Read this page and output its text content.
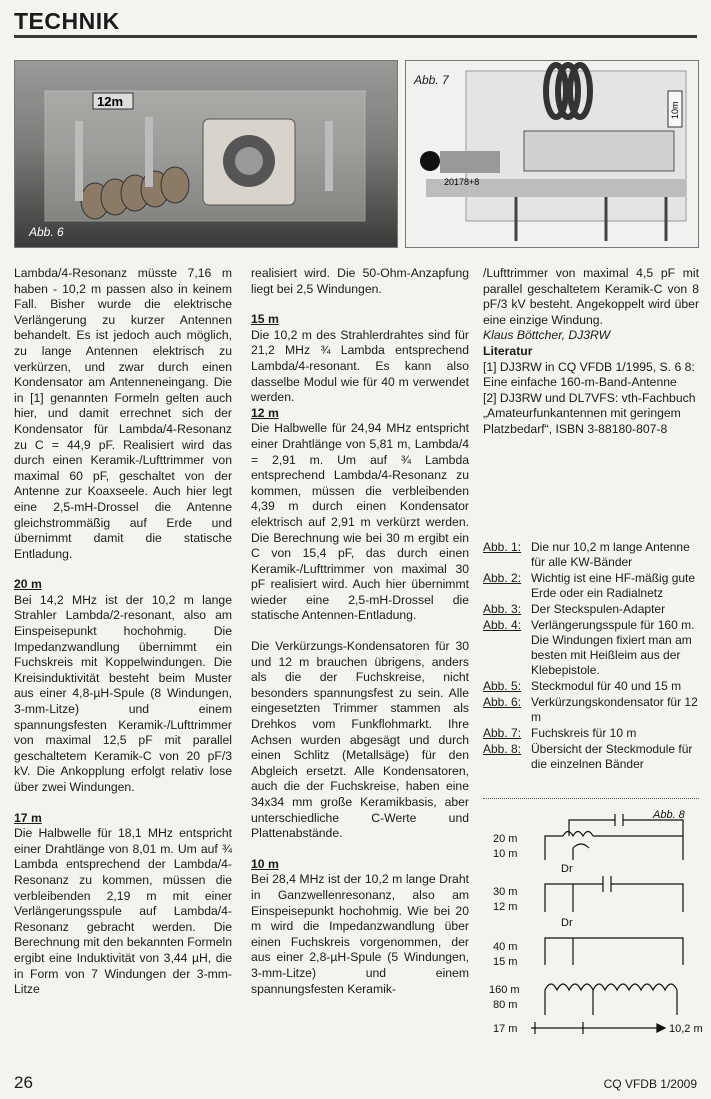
TECHNIK
12m
Abb. 6
20178+8
10m
Abb. 7

Lambda/4-Resonanz müsste 7,16 m haben - 10,2 m passen also in keinem Fall. Bisher wurde die elektrische Verlängerung zu kurzer Antennen behandelt. Es ist jedoch auch möglich, zu lange Antennen elektrisch zu verkürzen, und zwar durch einen Kondensator am Antenneneingang. Die in [1] genannten Formeln gelten auch hier, und damit errechnet sich der Kondensator für Lambda/4-Resonanz zu C = 44,9 pF. Realisiert wird das durch einen Keramik-/Lufttrimmer von maximal 60 pF, geschaltet von der Antenne zur Koaxseele. Auch hier legt eine 2,5-mH-Drossel die Antenne gleichstrommäßig auf Erde und übernimmt damit die statische Entladung.

20 m

Bei 14,2 MHz ist der 10,2 m lange Strahler Lambda/2-resonant, also am Einspeisepunkt hochohmig. Die Impedanzwandlung übernimmt ein Fuchskreis mit Koppelwindungen. Die Kreisinduktivität besteht beim Muster aus einer 4,8-µH-Spule (8 Windungen, 3-mm-Litze) und einem spannungsfesten Keramik-/Lufttrimmer von maximal 12,5 pF mit parallel geschaltetem Keramik-C von 20 pF/3 kV. Die Ankopplung erfolgt relativ lose über zwei Windungen.

17 m

Die Halbwelle für 18,1 MHz entspricht einer Drahtlänge von 8,01 m. Um auf ¾ Lambda entsprechend der Lambda/4-Resonanz zu kommen, müssen die verbleibenden 2,19 m mit einer Verlängerungsspule auf Lambda/4-Resonanz gebracht werden. Die Berechnung mit den bekannten Formeln ergibt eine Induktivität von 3,44 µH, die in Form von 7 Windungen der 3-mm-Litze

realisiert wird. Die 50-Ohm-Anzapfung liegt bei 2,5 Windungen.

15 m

Die 10,2 m des Strahlerdrahtes sind für 21,2 MHz ¾ Lambda entsprechend Lambda/4-resonant. Es kann also dasselbe Modul wie für 40 m verwendet werden.

12 m

Die Halbwelle für 24,94 MHz entspricht einer Drahtlänge von 5,81 m, Lambda/4 = 2,91 m. Um auf ¾ Lambda entsprechend Lambda/4-Resonanz zu kommen, müssen die verbleibenden 4,39 m durch einen Kondensator elektrisch auf 2,91 m verkürzt werden. Die Berechnung wie bei 30 m ergibt ein C von 15,4 pF, das durch einen Keramik-/Lufttrimmer von maximal 30 pF realisiert wird. Auch hier übernimmt wieder eine 2,5-mH-Drossel die statische Antennen-Entladung.

Die Verkürzungs-Kondensatoren für 30 und 12 m brauchen übrigens, anders als die der Fuchskreise, nicht besonders spannungsfest zu sein. Alle eingesetzten Trimmer stammen als Drehkos vom Funkflohmarkt. Ihre Achsen wurden abgesägt und durch einen Schlitz (Metallsäge) für den Abgleich ersetzt. Alle Kondensatoren, auch die der Fuchskreise, haben eine 34x34 mm große Keramikbasis, aber unterschiedliche C-Werte und Plattenabstände.

10 m

Bei 28,4 MHz ist der 10,2 m lange Draht in Ganzwellenresonanz, also am Einspeisepunkt hochohmig. Wie bei 20 m wird die Impedanzwandlung über einen Fuchskreis vorgenommen, der aus einer 2,8-µH-Spule (5 Windungen, 3-mm-Litze) und einem spannungsfesten Keramik-

/Lufttrimmer von maximal 4,5 pF mit parallel geschaltetem Keramik-C von 8 pF/3 kV besteht. Angekoppelt wird über eine einzige Windung.

Klaus Böttcher, DJ3RW

Literatur

[1] DJ3RW in CQ VFDB 1/1995, S. 6 8: Eine einfache 160-m-Band-Antenne

[2] DJ3RW und DL7VFS: vth-Fachbuch „Amateurfunkantennen mit geringem Platzbedarf“, ISBN 3-88180-807-8

Abb. 1: Die nur 10,2 m lange Antenne für alle KW-Bänder
Abb. 2: Wichtig ist eine HF-mäßig gute Erde oder ein Radialnetz
Abb. 3: Der Steckspulen-Adapter
Abb. 4: Verlängerungsspule für 160 m. Die Windungen fixiert man am besten mit Heißleim aus der Klebepistole.
Abb. 5: Steckmodul für 40 und 15 m
Abb. 6: Verkürzungskondensator für 12 m
Abb. 7: Fuchskreis für 10 m
Abb. 8: Übersicht der Steckmodule für die einzelnen Bänder
Abb. 8
20 m
10 m
30 m
12 m
Dr
40 m
15 m
Dr
160 m
80 m
17 m	10,2 m
26	CQ VFDB 1/2009
